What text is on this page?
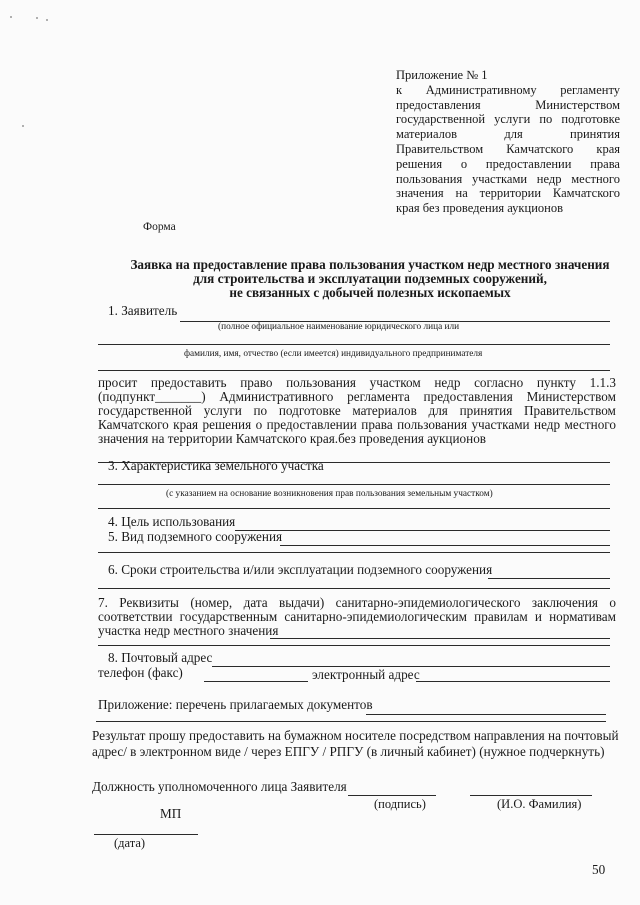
Приложение № 1
к Административному регламенту
предоставления	Министерством
государственной услуги по подготовке
материалов	для	принятия
Правительством Камчатского края
решения о предоставлении права
пользования участками недр местного
значения на территории Камчатского
края без проведения аукционов
Форма
Заявка на предоставление права пользования участком недр местного значения
для строительства и эксплуатации подземных сооружений,
не связанных с добычей полезных ископаемых
1. Заявитель
(полное официальное наименование юридического лица или
фамилия, имя, отчество (если имеется) индивидуального предпринимателя
просит предоставить право пользования участком недр согласно пункту 1.1.3
(подпункт_______) Административного регламента предоставления Министерством
государственной услуги по подготовке материалов для принятия Правительством
Камчатского края решения о предоставлении права пользования участками недр местного
значения на территории Камчатского края.без проведения аукционов
3. Характеристика земельного участка
(с указанием на основание возникновения прав пользования земельным участком)
4. Цель использования
5. Вид подземного сооружения
6. Сроки строительства и/или эксплуатации подземного сооружения
7. Реквизиты (номер, дата выдачи) санитарно-эпидемиологического заключения о
соответствии государственным санитарно-эпидемиологическим правилам и нормативам
участка недр местного значения
8. Почтовый адрес
телефон (факс)	электронный адрес
Приложение: перечень прилагаемых документов
Результат прошу предоставить на бумажном носителе посредством направления на почтовый
адрес/ в электронном виде / через ЕПГУ / РПГУ (в личный кабинет) (нужное подчеркнуть)
Должность уполномоченного лица Заявителя
(подпись)	(И.О. Фамилия)
МП
(дата)
50
